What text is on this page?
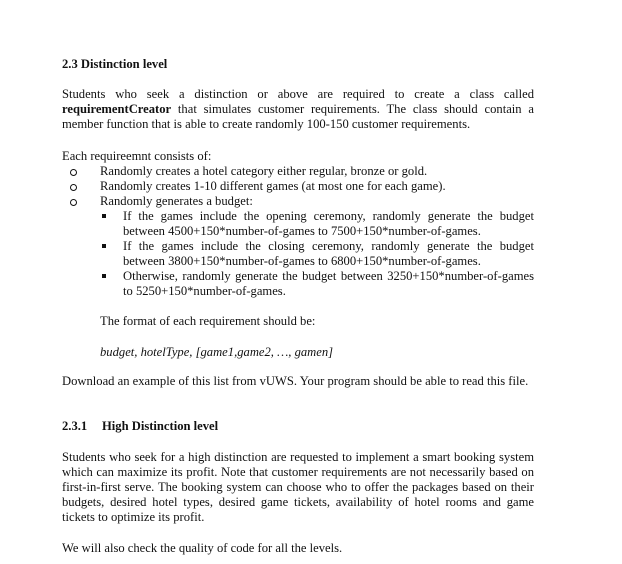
2.3 Distinction level
Students who seek a distinction or above are required to create a class called requirementCreator that simulates customer requirements. The class should contain a member function that is able to create randomly 100-150 customer requirements.
Each requireemnt consists of:
Randomly creates a hotel category either regular, bronze or gold.
Randomly creates 1-10 different games (at most one for each game).
Randomly generates a budget:
If the games include the opening ceremony, randomly generate the budget between 4500+150*number-of-games to 7500+150*number-of-games.
If the games include the closing ceremony, randomly generate the budget between 3800+150*number-of-games to 6800+150*number-of-games.
Otherwise, randomly generate the budget between 3250+150*number-of-games to 5250+150*number-of-games.
The format of each requirement should be:
budget, hotelType, [game1,game2, …, gamen]
Download an example of this list from vUWS. Your program should be able to read this file.
2.3.1 High Distinction level
Students who seek for a high distinction are requested to implement a smart booking system which can maximize its profit. Note that customer requirements are not necessarily based on first-in-first serve. The booking system can choose who to offer the packages based on their budgets, desired hotel types, desired game tickets, availability of hotel rooms and game tickets to optimize its profit.
We will also check the quality of code for all the levels.
